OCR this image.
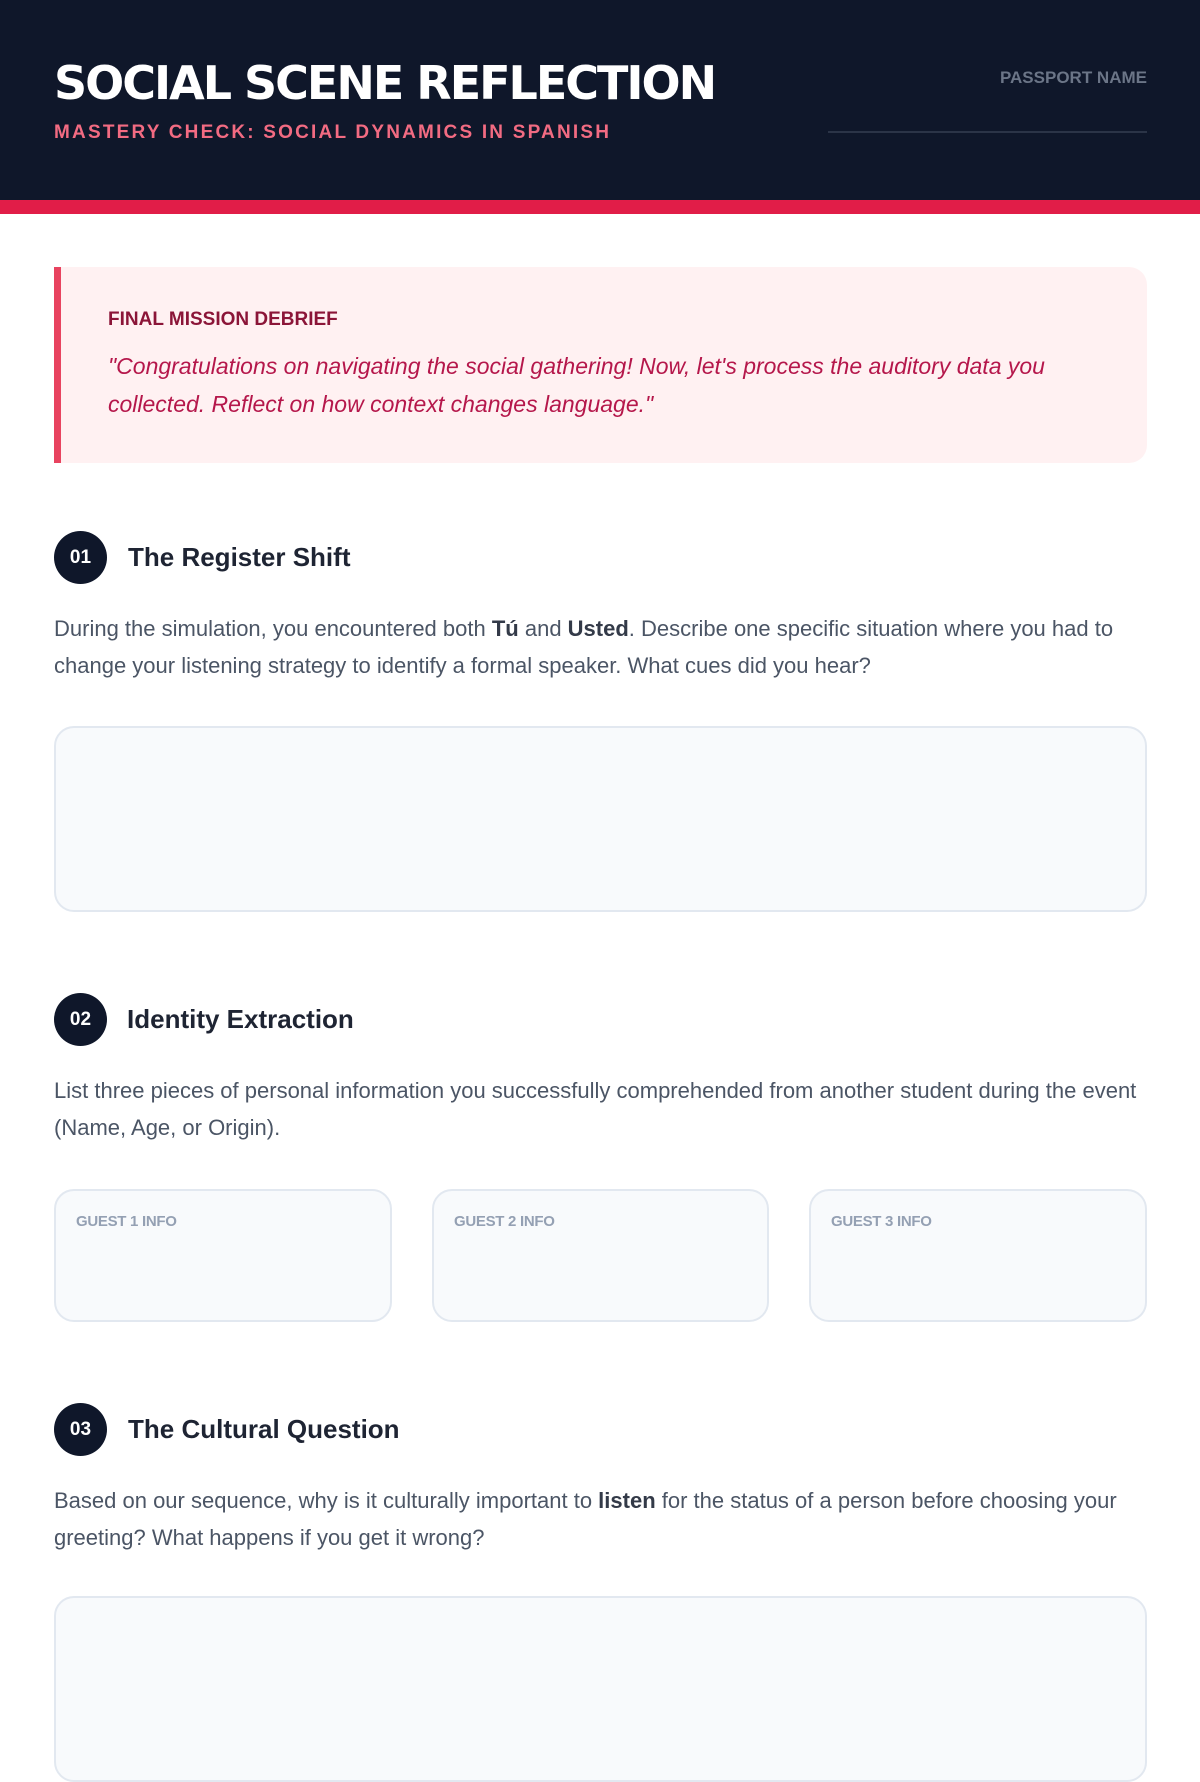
SOCIAL SCENE REFLECTION
MASTERY CHECK: SOCIAL DYNAMICS IN SPANISH
PASSPORT NAME
FINAL MISSION DEBRIEF
"Congratulations on navigating the social gathering! Now, let's process the auditory data you collected. Reflect on how context changes language."
01	The Register Shift
During the simulation, you encountered both Tú and Usted. Describe one specific situation where you had to change your listening strategy to identify a formal speaker. What cues did you hear?
02	Identity Extraction
List three pieces of personal information you successfully comprehended from another student during the event (Name, Age, or Origin).
GUEST 1 INFO	GUEST 2 INFO	GUEST 3 INFO
03	The Cultural Question
Based on our sequence, why is it culturally important to listen for the status of a person before choosing your greeting? What happens if you get it wrong?
